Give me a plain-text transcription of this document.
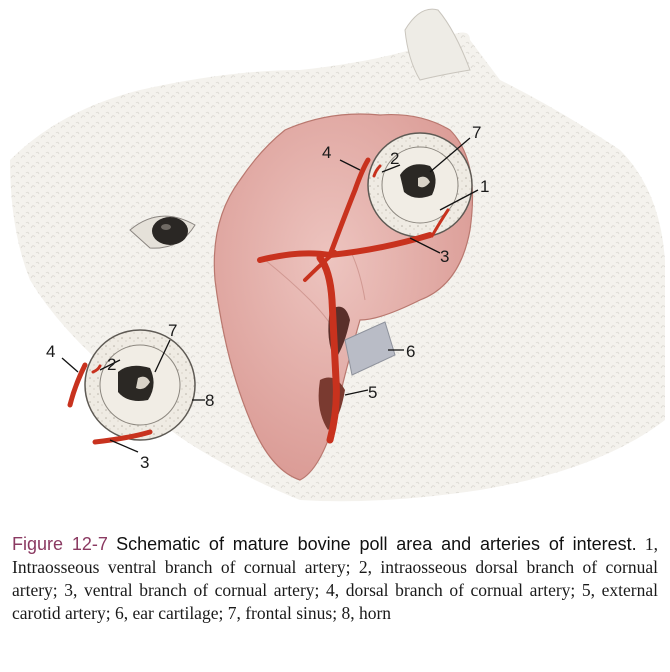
1
2
3
4
5
6
7
2
3
4
7
8
Figure 12-7 Schematic of mature bovine poll area and arteries of interest. 1, Intraosseous ventral branch of cornual artery; 2, intraosseous dorsal branch of cornual artery; 3, ventral branch of cornual artery; 4, dorsal branch of cornual artery; 5, external carotid artery; 6, ear cartilage; 7, frontal sinus; 8, horn
